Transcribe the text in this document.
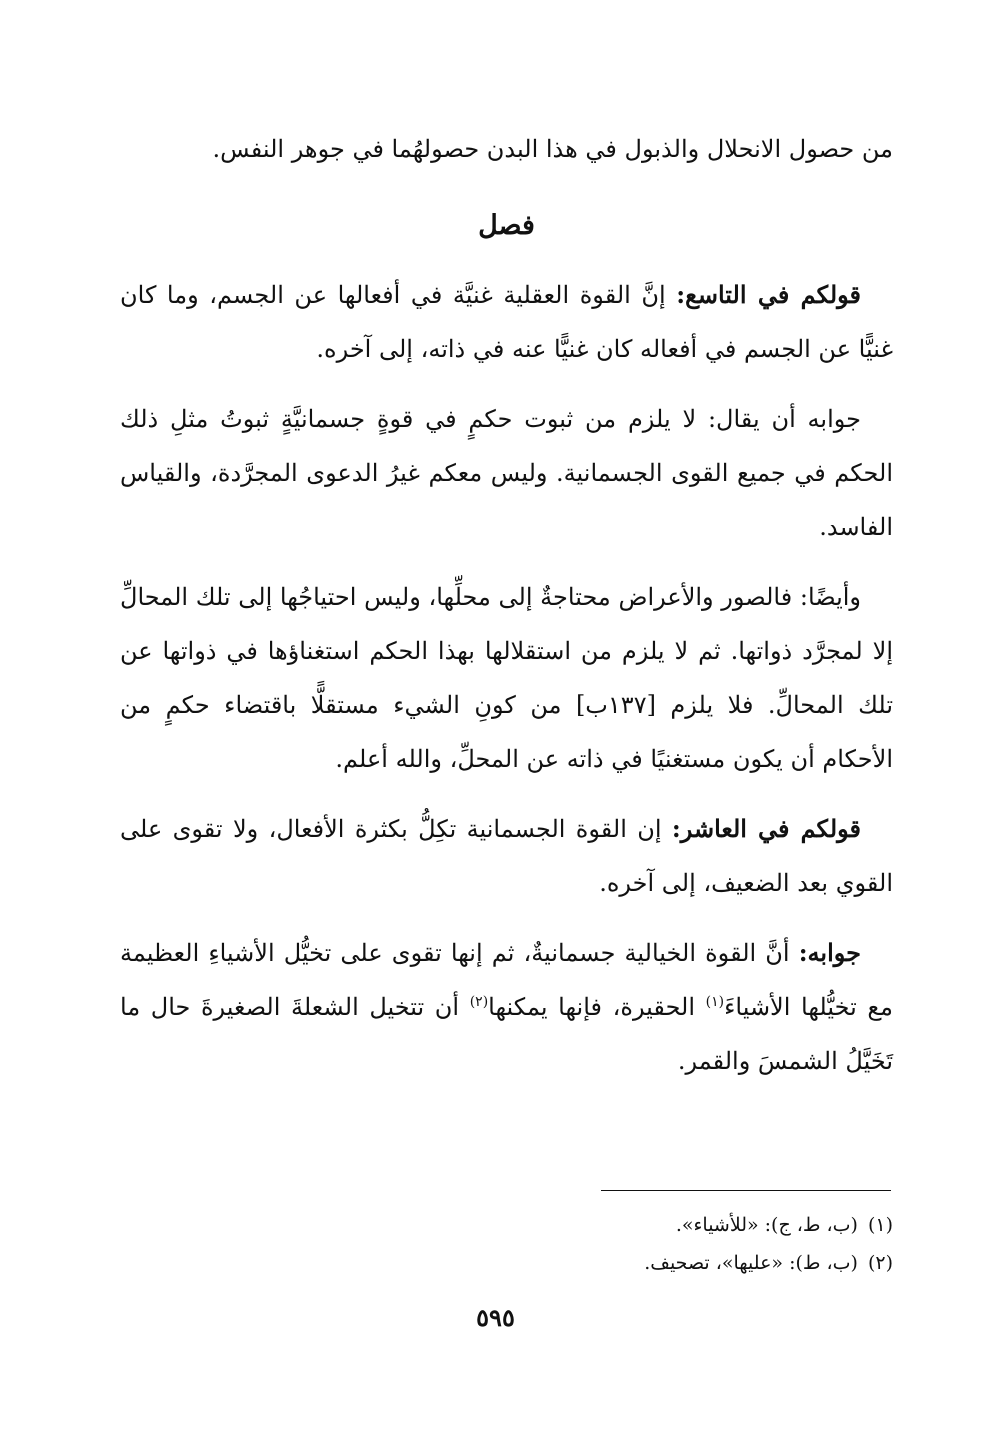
من حصول الانحلال والذبول في هذا البدن حصولهُما في جوهر النفس.

فصل

قولكم في التاسع: إنَّ القوة العقلية غنيَّة في أفعالها عن الجسم، وما كان غنيًّا عن الجسم في أفعاله كان غنيًّا عنه في ذاته، إلى آخره.

جوابه أن يقال: لا يلزم من ثبوت حكمٍ في قوةٍ جسمانيَّةٍ ثبوتُ مثلِ ذلك الحكم في جميع القوى الجسمانية. وليس معكم غيرُ الدعوى المجرَّدة، والقياس الفاسد.

وأيضًا: فالصور والأعراض محتاجةٌ إلى محلِّها، وليس احتياجُها إلى تلك المحالِّ إلا لمجرَّد ذواتها. ثم لا يلزم من استقلالها بهذا الحكم استغناؤها في ذواتها عن تلك المحالِّ. فلا يلزم [١٣٧ب] من كونِ الشيء مستقلًّا باقتضاء حكمٍ من الأحكام أن يكون مستغنيًا في ذاته عن المحلِّ، والله أعلم.

قولكم في العاشر: إن القوة الجسمانية تكِلُّ بكثرة الأفعال، ولا تقوى على القوي بعد الضعيف، إلى آخره.

جوابه: أنَّ القوة الخيالية جسمانيةٌ، ثم إنها تقوى على تخيُّل الأشياءِ العظيمة مع تخيُّلها الأشياءَ$^{(١)}$ الحقيرة، فإنها يمكنها$^{(٢)}$ أن تتخيل الشعلةَ الصغيرةَ حال ما تَخَيَّلُ الشمسَ والقمر.

(١)(ب، ط، ج): «للأشياء».
(٢)(ب، ط): «عليها»، تصحيف.
٥٩٥
